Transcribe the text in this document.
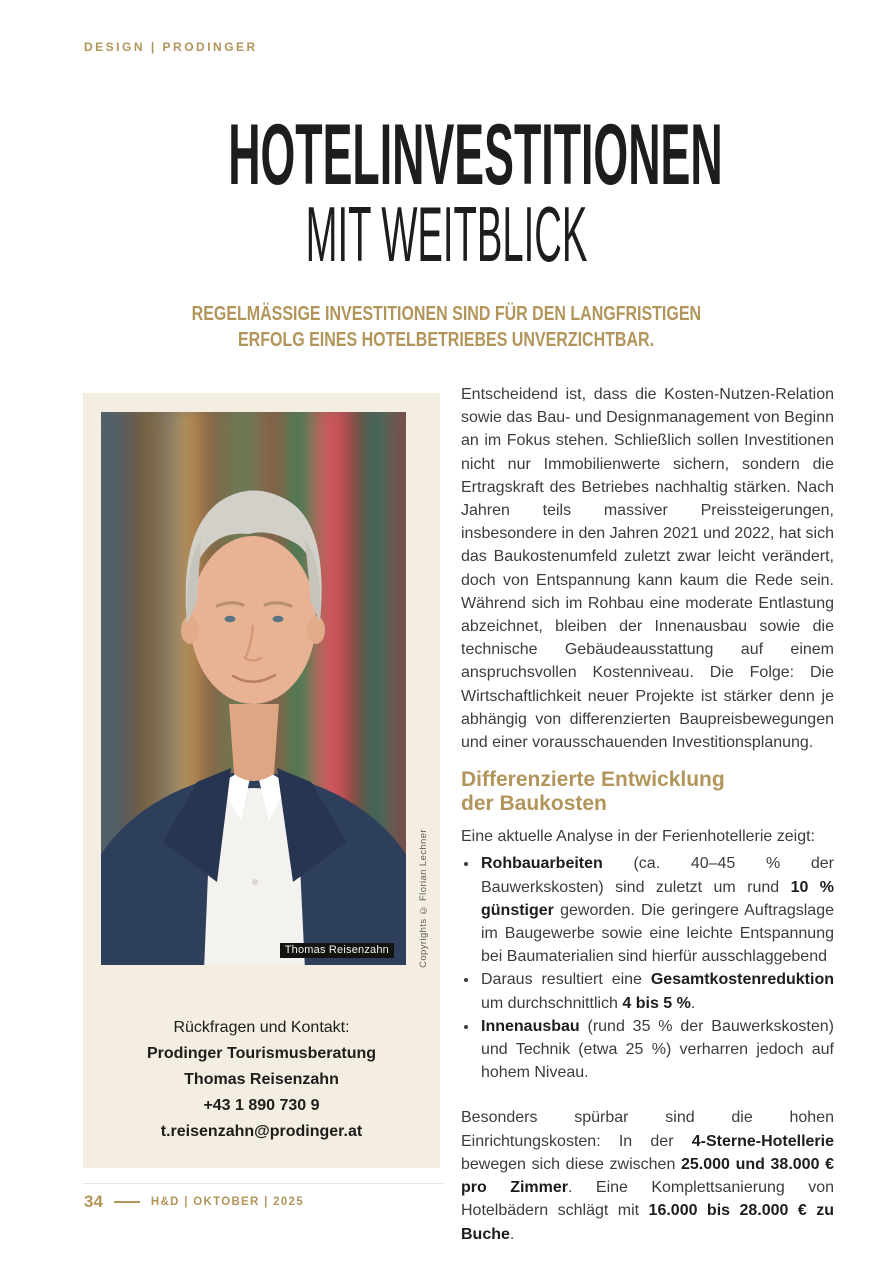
DESIGN | PRODINGER
HOTELINVESTITIONEN
MIT WEITBLICK
REGELMÄSSIGE INVESTITIONEN SIND FÜR DEN LANGFRISTIGEN
ERFOLG EINES HOTELBETRIEBES UNVERZICHTBAR.
Thomas Reisenzahn	Copyrights © Florian Lechner
Rückfragen und Kontakt:
Prodinger Tourismusberatung
Thomas Reisenzahn
+43 1 890 730 9
t.reisenzahn@prodinger.at

Entscheidend ist, dass die Kosten-Nutzen-Relation sowie das Bau- und Designmanagement von Beginn an im Fokus stehen. Schließlich sollen Investitionen nicht nur Immobilienwerte sichern, sondern die Ertragskraft des Betriebes nachhaltig stärken. Nach Jahren teils massiver Preissteigerungen, insbesondere in den Jahren 2021 und 2022, hat sich das Baukostenumfeld zuletzt zwar leicht verändert, doch von Entspannung kann kaum die Rede sein. Während sich im Rohbau eine moderate Entlastung abzeichnet, bleiben der Innenausbau sowie die technische Gebäudeausstattung auf einem anspruchsvollen Kostenniveau. Die Folge: Die Wirtschaftlichkeit neuer Projekte ist stärker denn je abhängig von differenzierten Baupreisbewegungen und einer vorausschauenden Investitionsplanung.

Differenzierte Entwicklung
der Baukosten

Eine aktuelle Analyse in der Ferienhotellerie zeigt:

• Rohbauarbeiten (ca. 40–45 % der Bauwerkskosten) sind zuletzt um rund 10 % günstiger geworden. Die geringere Auftragslage im Baugewerbe sowie eine leichte Entspannung bei Baumaterialien sind hierfür ausschlaggebend
• Daraus resultiert eine Gesamtkostenreduktion um durchschnittlich 4 bis 5 %.
• Innenausbau (rund 35 % der Bauwerkskosten) und Technik (etwa 25 %) verharren jedoch auf hohem Niveau.

Besonders spürbar sind die hohen Einrichtungskosten: In der 4-Sterne-Hotellerie bewegen sich diese zwischen 25.000 und 38.000 € pro Zimmer. Eine Komplettsanierung von Hotelbädern schlägt mit 16.000 bis 28.000 € zu Buche.

34	H&D | OKTOBER | 2025
